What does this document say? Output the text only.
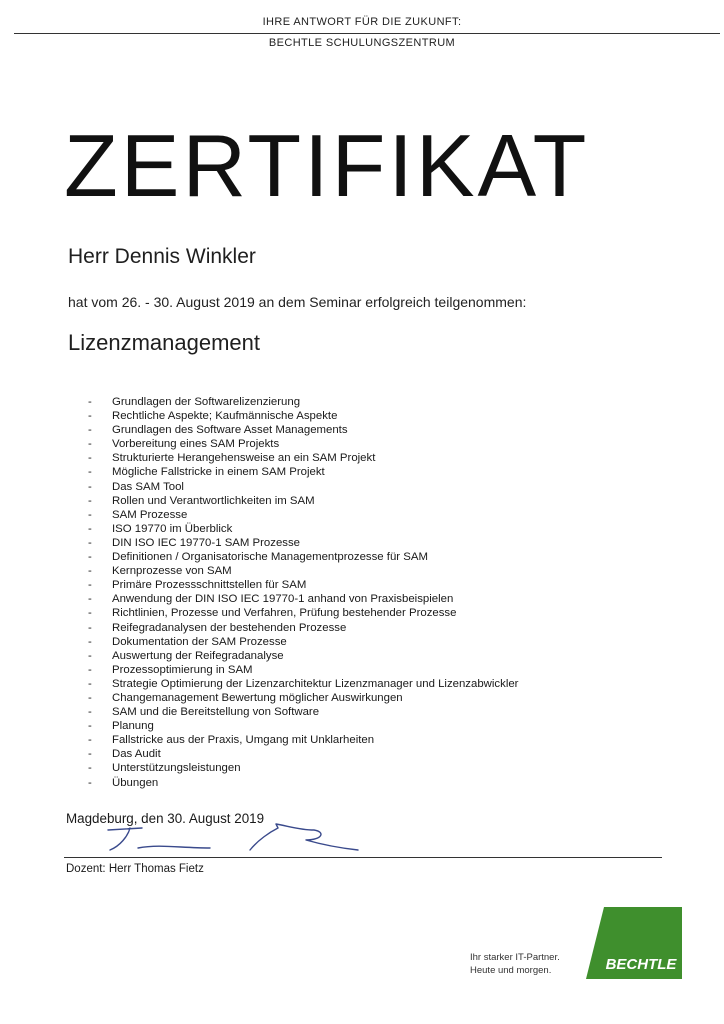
IHRE ANTWORT FÜR DIE ZUKUNFT:
BECHTLE SCHULUNGSZENTRUM
ZERTIFIKAT
Herr Dennis Winkler
hat vom 26. - 30. August 2019 an dem Seminar erfolgreich teilgenommen:
Lizenzmanagement
-	Grundlagen der Softwarelizenzierung
-	Rechtliche Aspekte; Kaufmännische Aspekte
-	Grundlagen des Software Asset Managements
-	Vorbereitung eines SAM Projekts
-	Strukturierte Herangehensweise an ein SAM Projekt
-	Mögliche Fallstricke in einem SAM Projekt
-	Das SAM Tool
-	Rollen und Verantwortlichkeiten im SAM
-	SAM Prozesse
-	ISO 19770 im Überblick
-	DIN ISO IEC 19770-1 SAM Prozesse
-	Definitionen / Organisatorische Managementprozesse für SAM
-	Kernprozesse von SAM
-	Primäre Prozessschnittstellen für SAM
-	Anwendung der DIN ISO IEC 19770-1 anhand von Praxisbeispielen
-	Richtlinien, Prozesse und Verfahren, Prüfung bestehender Prozesse
-	Reifegradanalysen der bestehenden Prozesse
-	Dokumentation der SAM Prozesse
-	Auswertung der Reifegradanalyse
-	Prozessoptimierung in SAM
-	Strategie Optimierung der Lizenzarchitektur Lizenzmanager und Lizenzabwickler
-	Changemanagement Bewertung möglicher Auswirkungen
-	SAM und die Bereitstellung von Software
-	Planung
-	Fallstricke aus der Praxis, Umgang mit Unklarheiten
-	Das Audit
-	Unterstützungsleistungen
-	Übungen
Magdeburg, den 30. August 2019
Dozent: Herr Thomas Fietz
Ihr starker IT-Partner.
Heute und morgen.	BECHTLE
